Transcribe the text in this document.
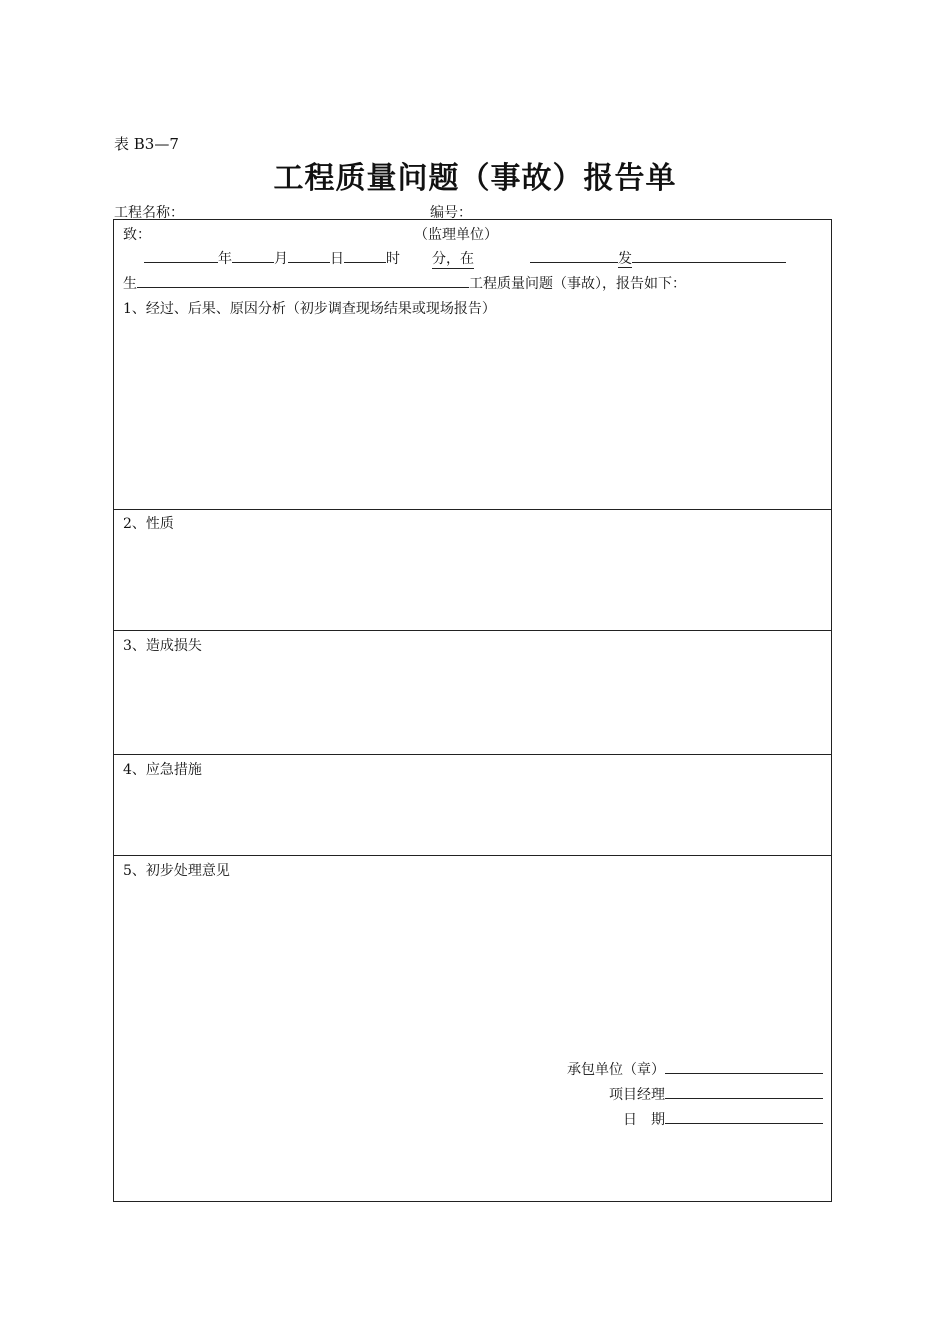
表 B3—7
工程质量问题（事故）报告单
工程名称：	编号：
致：	（监理单位）
年	月	日	时 分，在	发
生	工程质量问题（事故），报告如下：
1、经过、后果、原因分析（初步调查现场结果或现场报告）
2、性质
3、造成损失
4、应急措施
5、初步处理意见
承包单位（章）
项目经理
日　期
